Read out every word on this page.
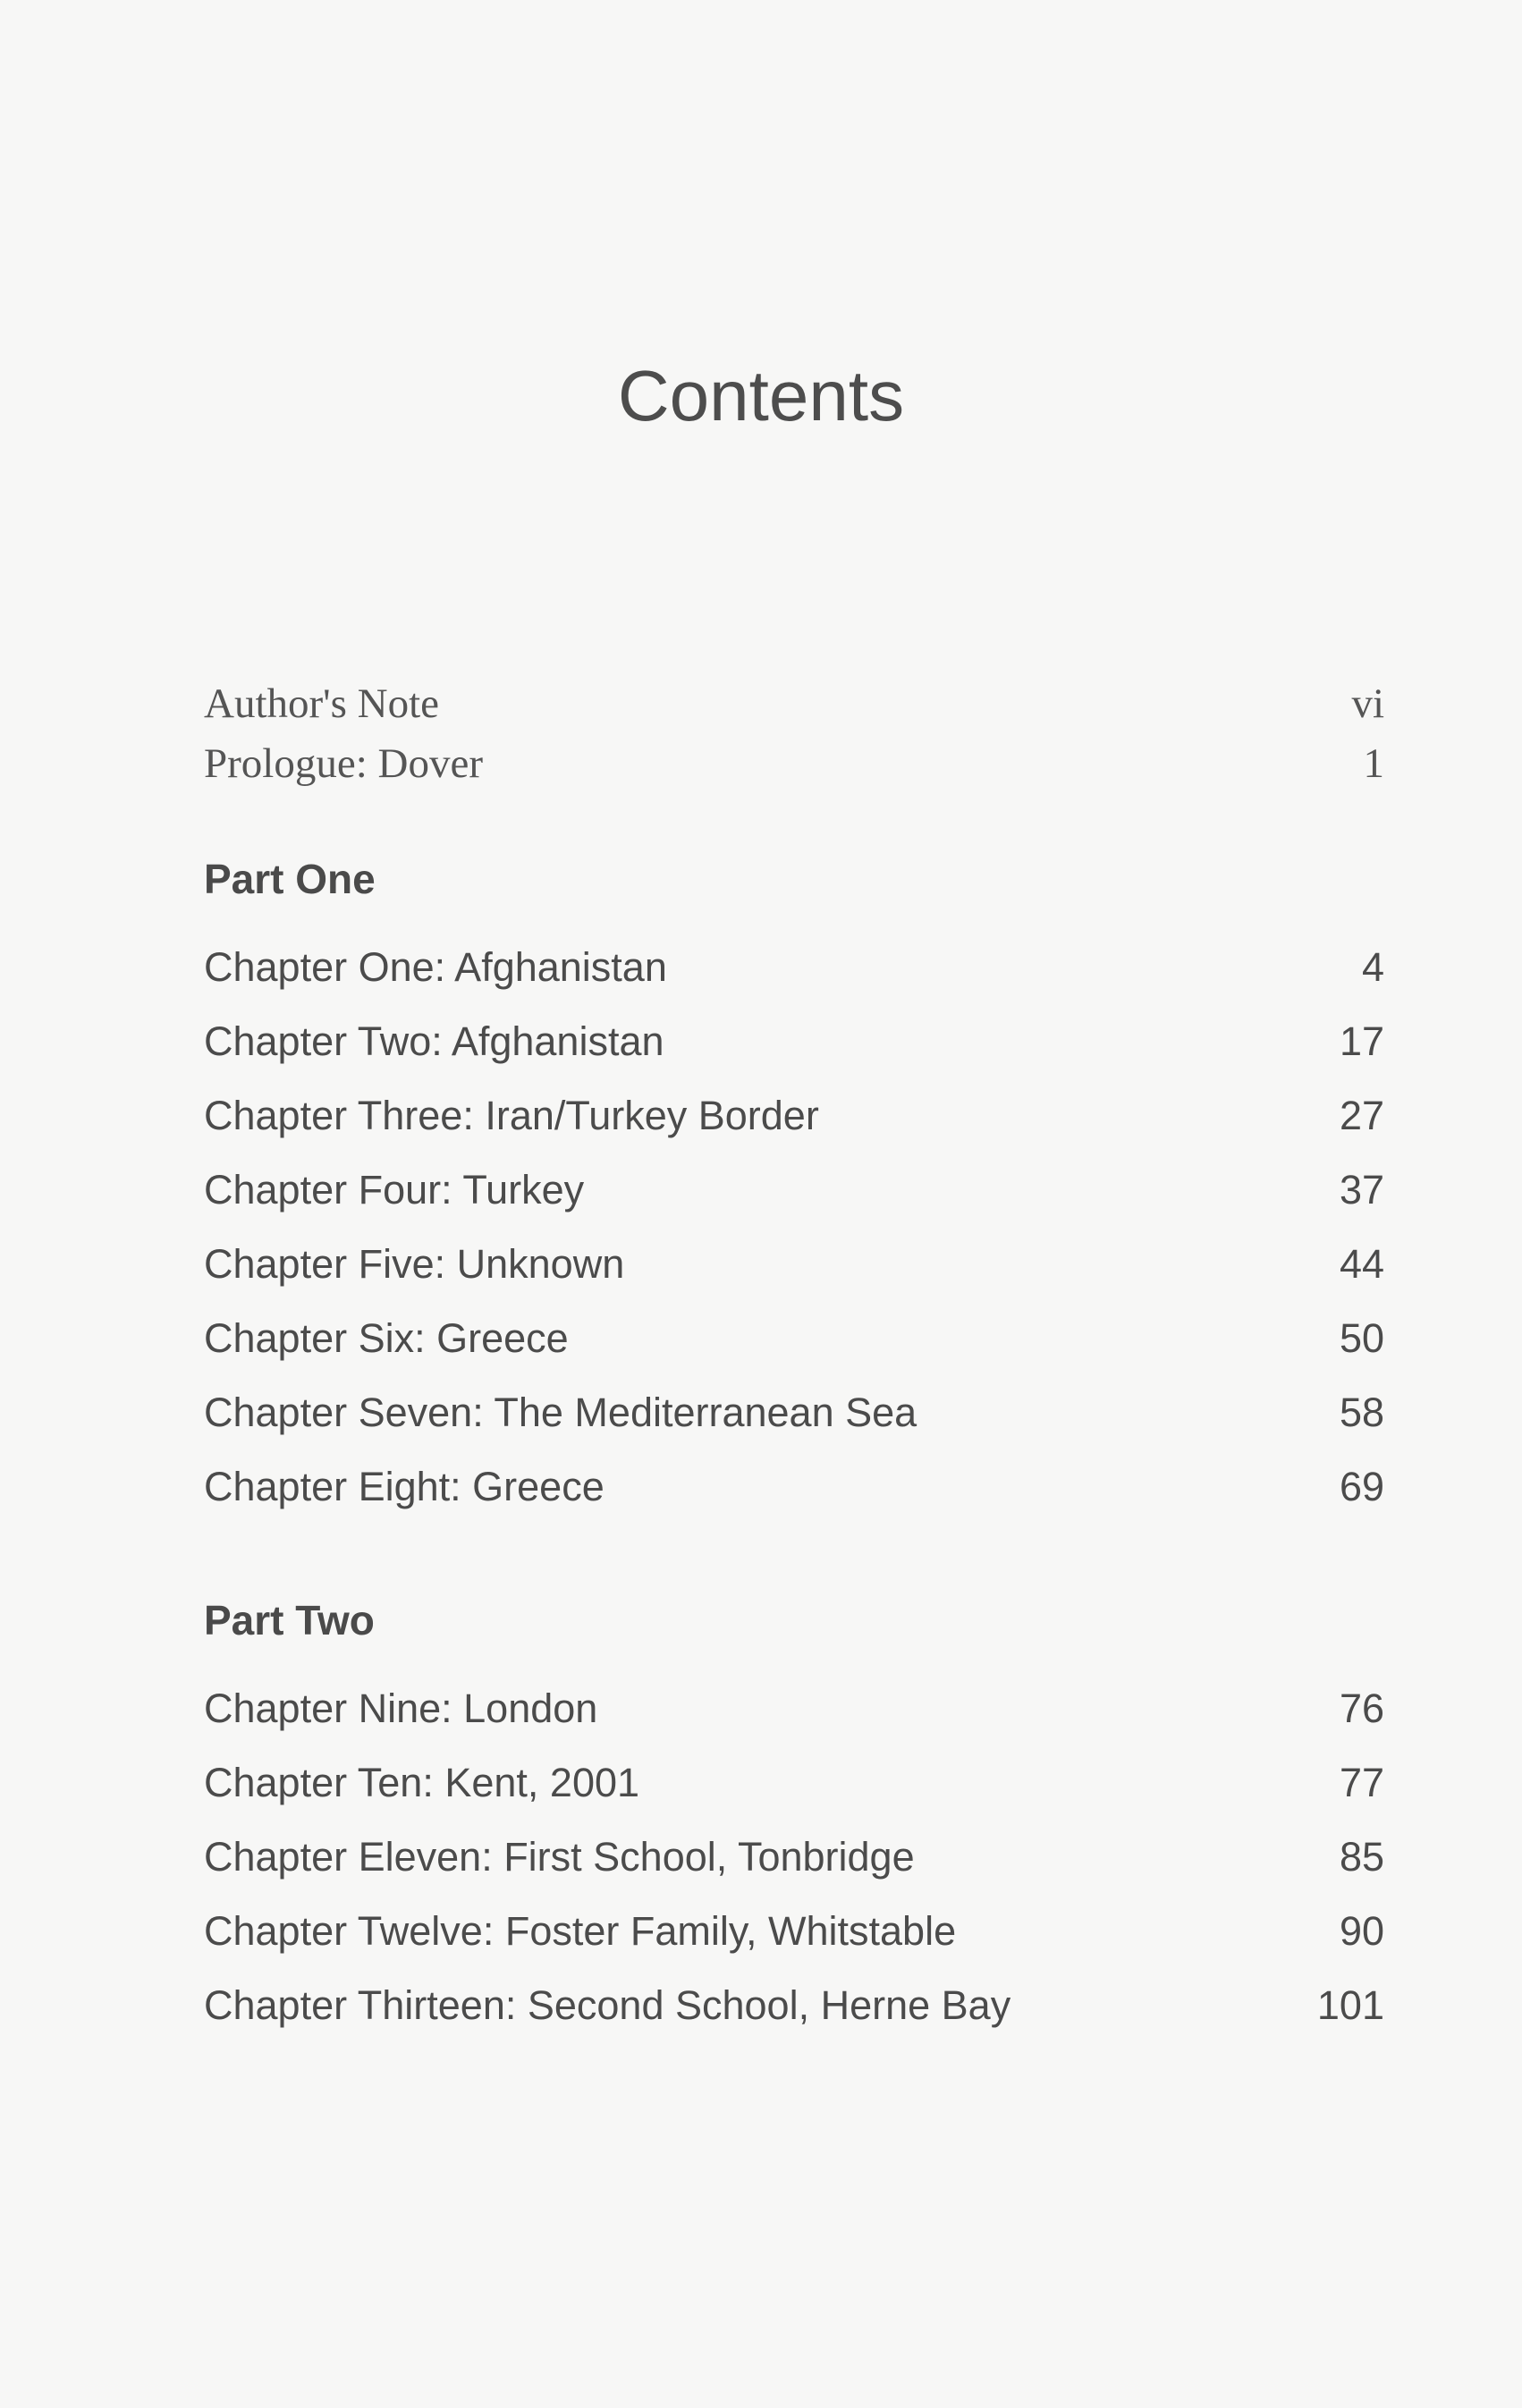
Contents
Author's Note	vi
Prologue: Dover	1
Part One
Chapter One: Afghanistan	4
Chapter Two: Afghanistan	17
Chapter Three: Iran/Turkey Border	27
Chapter Four: Turkey	37
Chapter Five: Unknown	44
Chapter Six: Greece	50
Chapter Seven: The Mediterranean Sea	58
Chapter Eight: Greece	69
Part Two
Chapter Nine: London	76
Chapter Ten: Kent, 2001	77
Chapter Eleven: First School, Tonbridge	85
Chapter Twelve: Foster Family, Whitstable	90
Chapter Thirteen: Second School, Herne Bay	101
